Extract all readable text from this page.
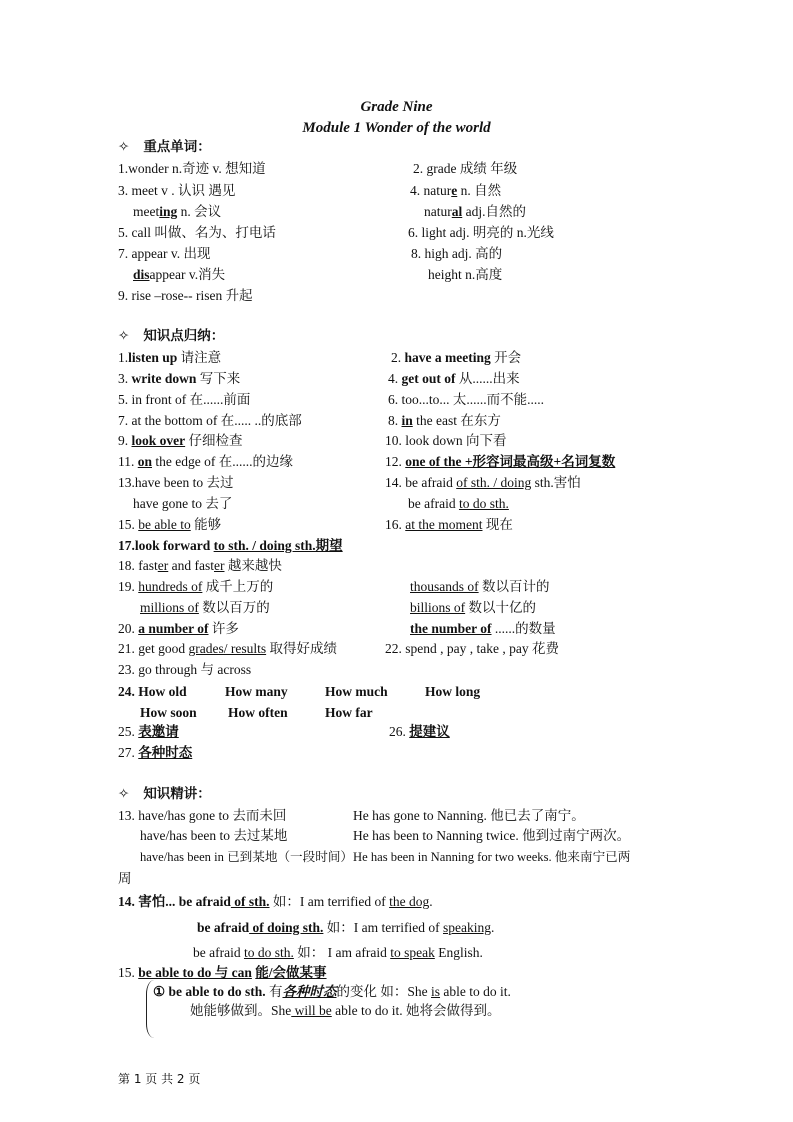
Grade Nine
Module 1 Wonder of the world
✧ 重点单词：
1.wonder n.奇迹 v. 想知道	2. grade 成绩 年级
3. meet v . 认识 遇见	4. nature n. 自然
meeting n. 会议	natural adj.自然的
5. call 叫做、名为、打电话	6. light adj. 明亮的 n.光线
7. appear v. 出现	8. high adj. 高的
disappear v.消失	height n.高度
9. rise –rose-- risen 升起
✧ 知识点归纳：
1.listen up 请注意	2. have a meeting 开会
3. write down 写下来	4. get out of 从......出来
5. in front of 在......前面	6. too...to... 太......而不能.....
7. at the bottom of 在..... ..的底部	8. in the east 在东方
9. look over 仔细检查	10. look down 向下看
11. on the edge of 在......的边缘	12. one of the +形容词最高级+名词复数
13.have been to 去过	14. be afraid of sth. / doing sth.害怕
have gone to 去了	be afraid to do sth.
15. be able to 能够	16. at the moment 现在
17.look forward to sth. / doing sth.期望
18. faster and faster 越来越快
19. hundreds of 成千上万的	thousands of 数以百计的
millions of 数以百万的	billions of 数以十亿的
20. a number of 许多	the number of ......的数量
21. get good grades/ results 取得好成绩	22. spend , pay , take , pay 花费
23. go through 与 across
24. How old	How many	How much	How long
How soon How often	How far
25. 表邀请	26. 提建议
27. 各种时态
✧ 知识精讲：
13. have/has gone to 去而未回	He has gone to Nanning. 他已去了南宁。
have/has been to 去过某地	He has been to Nanning twice. 他到过南宁两次。
have/has been in 已到某地（一段时间）He has been in Nanning for two weeks. 他来南宁已两
周
14. 害怕... be afraid of sth. 如：I am terrified of the dog.
be afraid of doing sth. 如：I am terrified of speaking.
be afraid to do sth. 如： I am afraid to speak English.
15. be able to do 与 can 能/会做某事
① be able to do sth. 有各种时态的变化 如：She is able to do it.
她能够做到。She will be able to do it. 她将会做得到。
第 1 页 共 2 页
